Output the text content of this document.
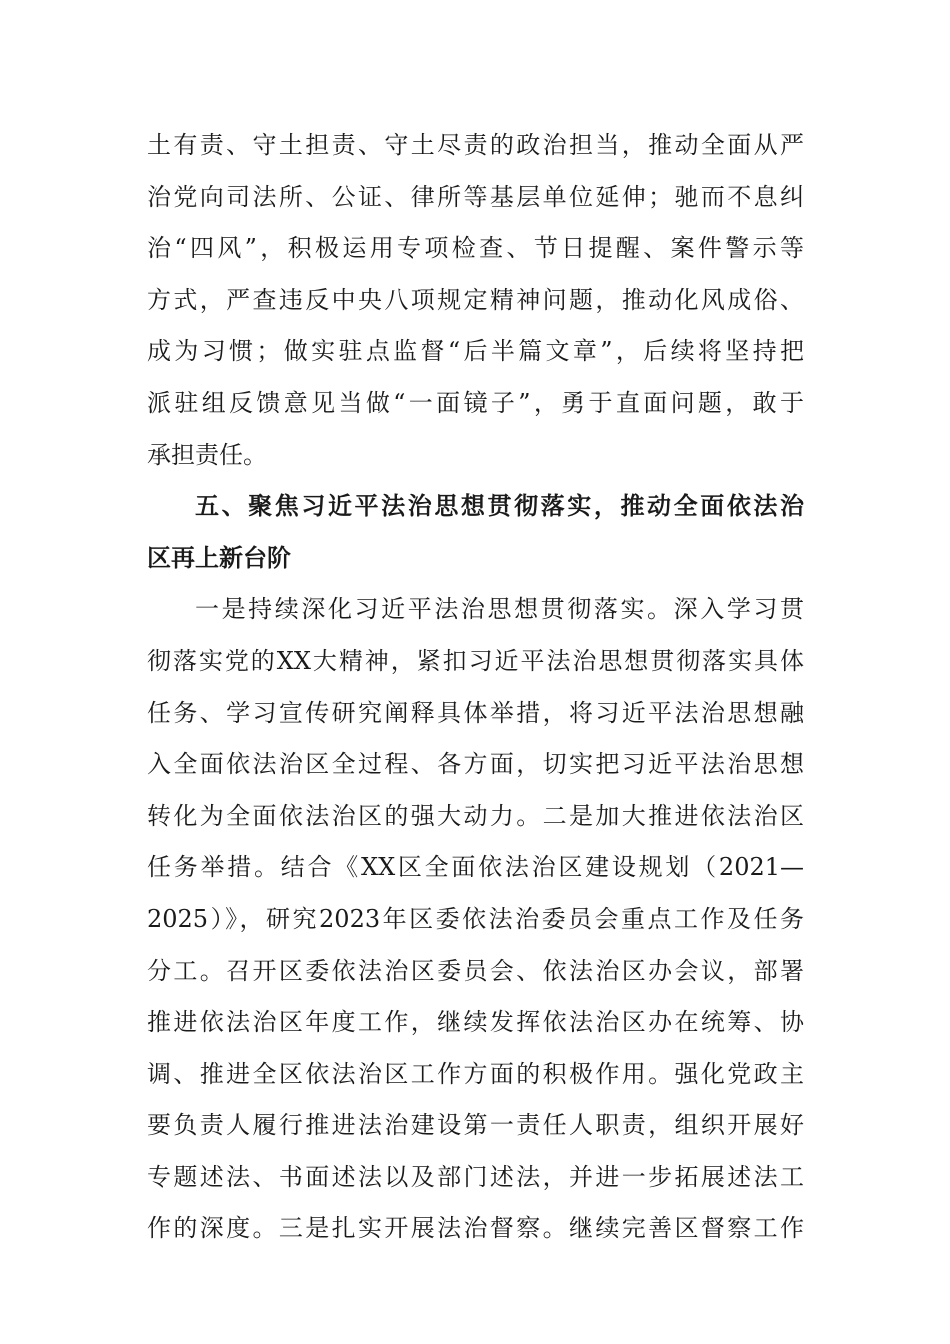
土有责、守土担责、守土尽责的政治担当，推动全面从严
治党向司法所、公证、律所等基层单位延伸；驰而不息纠
治“四风”，积极运用专项检查、节日提醒、案件警示等
方式，严查违反中央八项规定精神问题，推动化风成俗、
成为习惯；做实驻点监督“后半篇文章”，后续将坚持把
派驻组反馈意见当做“一面镜子”，勇于直面问题，敢于
承担责任。
五、聚焦习近平法治思想贯彻落实，推动全面依法治
区再上新台阶
一是持续深化习近平法治思想贯彻落实。深入学习贯
彻落实党的XX大精神，紧扣习近平法治思想贯彻落实具体
任务、学习宣传研究阐释具体举措，将习近平法治思想融
入全面依法治区全过程、各方面，切实把习近平法治思想
转化为全面依法治区的强大动力。二是加大推进依法治区
任务举措。结合《XX区全面依法治区建设规划（2021—
2025）》，研究2023年区委依法治委员会重点工作及任务
分工。召开区委依法治区委员会、依法治区办会议，部署
推进依法治区年度工作，继续发挥依法治区办在统筹、协
调、推进全区依法治区工作方面的积极作用。强化党政主
要负责人履行推进法治建设第一责任人职责，组织开展好
专题述法、书面述法以及部门述法，并进一步拓展述法工
作的深度。三是扎实开展法治督察。继续完善区督察工作
